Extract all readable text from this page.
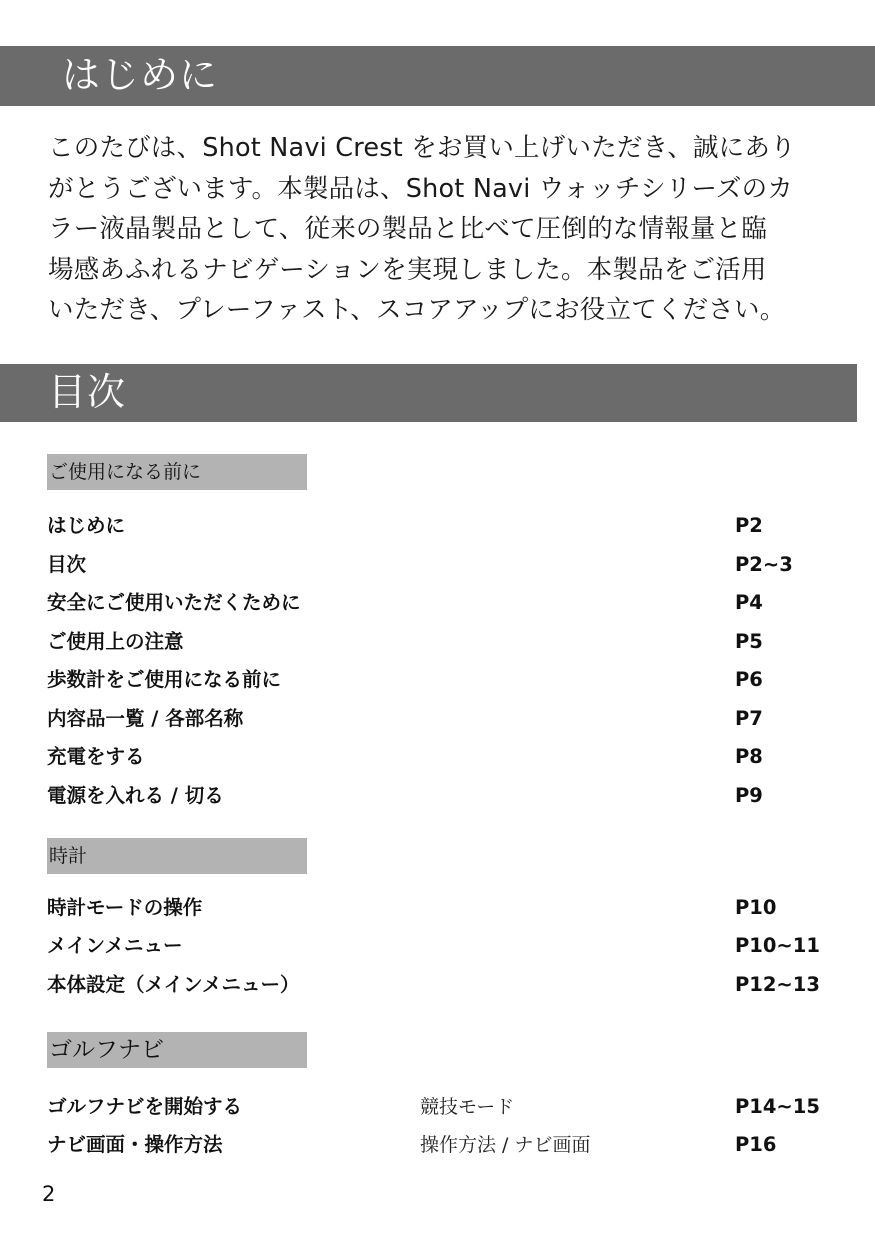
はじめに

このたびは、Shot Navi Crest をお買い上げいただき、誠にあり
がとうございます。本製品は、Shot Navi ウォッチシリーズのカ
ラー液晶製品として、従来の製品と比べて圧倒的な情報量と臨
場感あふれるナビゲーションを実現しました。本製品をご活用
いただき、プレーファスト、スコアアップにお役立てください。

目次
ご使用になる前に
はじめに	P2
目次	P2~3
安全にご使用いただくために	P4
ご使用上の注意	P5
歩数計をご使用になる前に	P6
内容品一覧 / 各部名称	P7
充電をする	P8
電源を入れる / 切る	P9
時計
時計モードの操作	P10
メインメニュー	P10~11
本体設定（メインメニュー）	P12~13
ゴルフナビ
ゴルフナビを開始する	競技モード	P14~15
ナビ画面・操作方法	操作方法 / ナビ画面	P16
2
